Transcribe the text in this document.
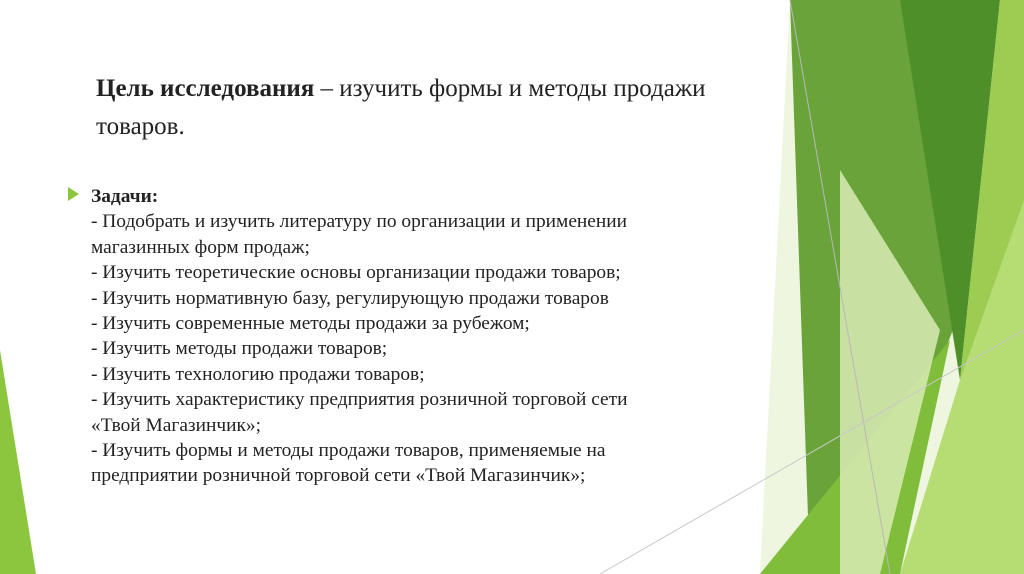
Цель исследования – изучить формы и методы продажи товаров.
Задачи:
- Подобрать и изучить литературу по организации и применении
магазинных форм продаж;
- Изучить теоретические основы организации продажи товаров;
- Изучить нормативную базу, регулирующую продажи товаров
- Изучить современные методы продажи за рубежом;
- Изучить методы продажи товаров;
- Изучить технологию продажи товаров;
- Изучить характеристику предприятия розничной торговой сети
«Твой Магазинчик»;
- Изучить формы и методы продажи товаров, применяемые на
предприятии розничной торговой сети «Твой Магазинчик»;
